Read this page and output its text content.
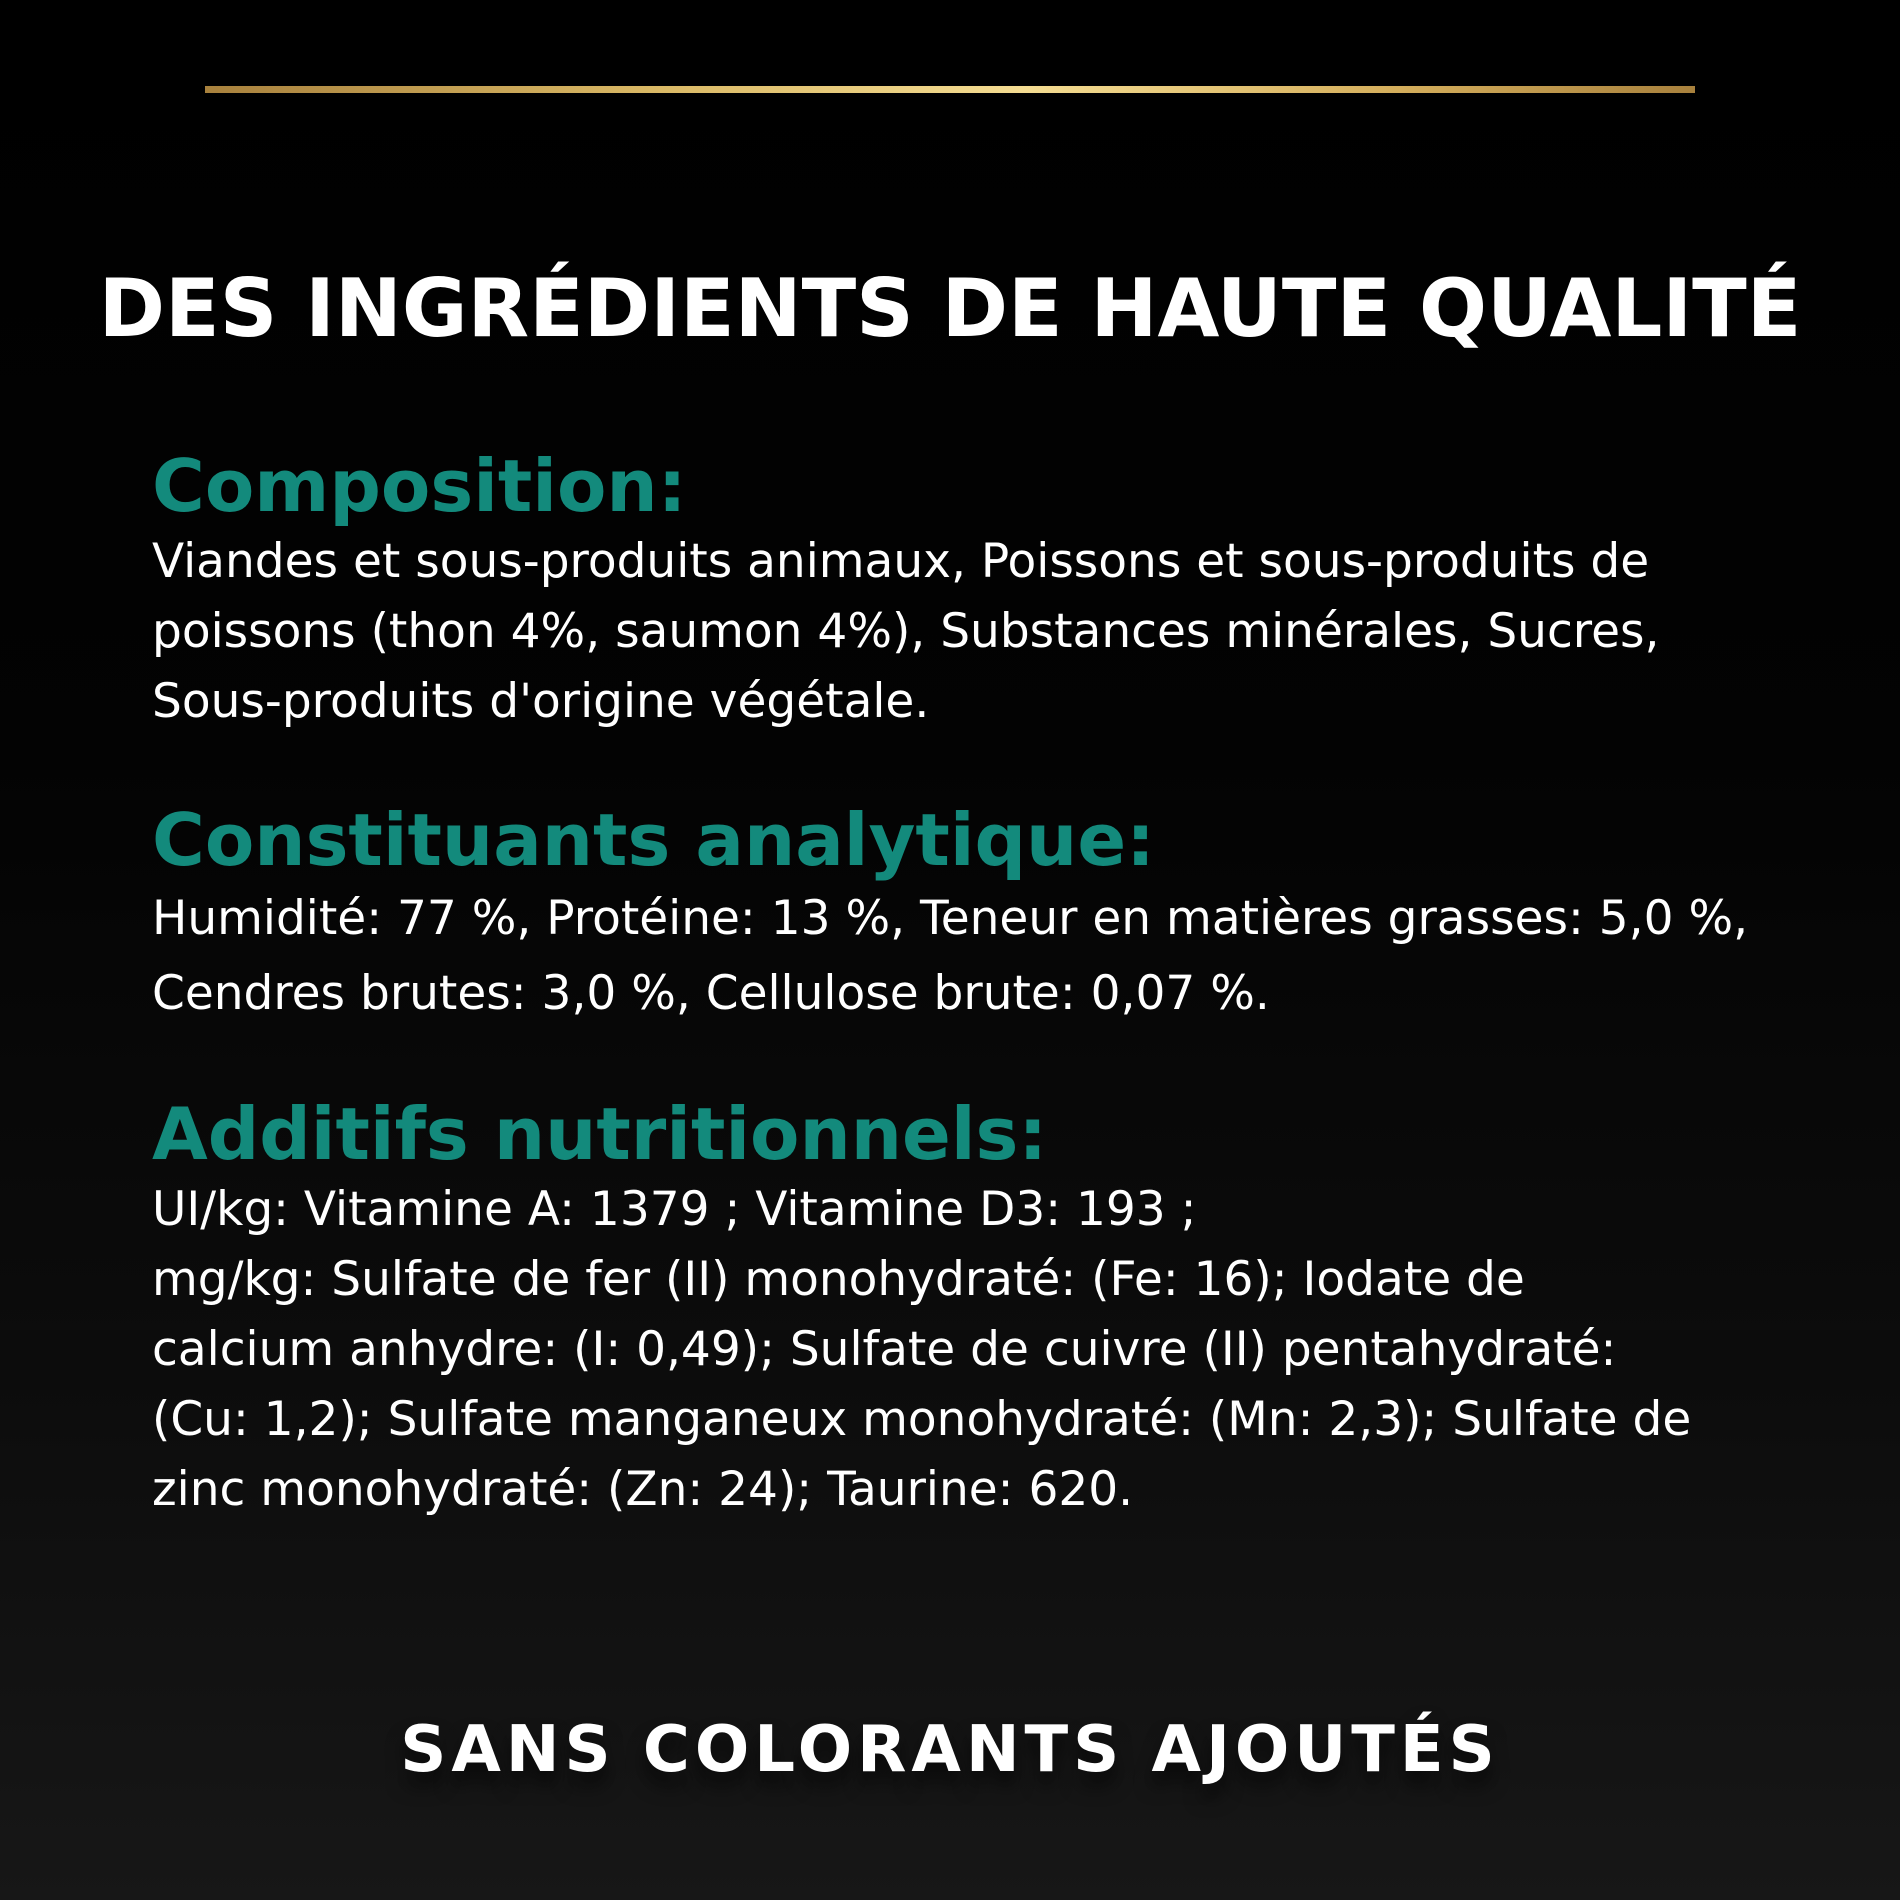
DES INGRÉDIENTS DE HAUTE QUALITÉ
Composition:

Viandes et sous-produits animaux, Poissons et sous-produits de
poissons (thon 4%, saumon 4%), Substances minérales, Sucres,
Sous-produits d'origine végétale.

Constituants analytique:

Humidité: 77 %, Protéine: 13 %, Teneur en matières grasses: 5,0 %,
Cendres brutes: 3,0 %, Cellulose brute: 0,07 %.

Additifs nutritionnels:

UI/kg: Vitamine A: 1379 ; Vitamine D3: 193 ;
mg/kg: Sulfate de fer (II) monohydraté: (Fe: 16); Iodate de
calcium anhydre: (I: 0,49); Sulfate de cuivre (II) pentahydraté:
(Cu: 1,2); Sulfate manganeux monohydraté: (Mn: 2,3); Sulfate de
zinc monohydraté: (Zn: 24); Taurine: 620.

SANS COLORANTS AJOUTÉS
